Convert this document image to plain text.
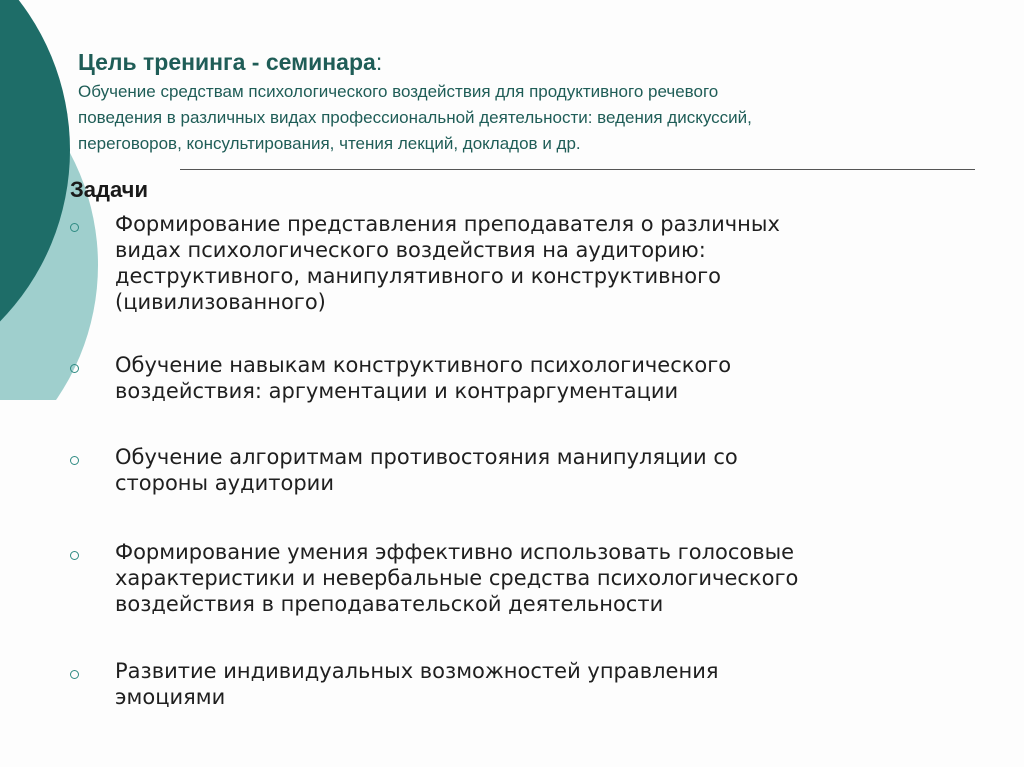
Цель тренинга - семинара:
Обучение средствам психологического воздействия для продуктивного речевого
поведения в различных видах профессиональной деятельности: ведения дискуссий,
переговоров, консультирования, чтения лекций, докладов и др.
Задачи
Формирование представления преподавателя о различных
видах психологического воздействия на аудиторию:
деструктивного, манипулятивного и конструктивного
(цивилизованного)
Обучение навыкам конструктивного психологического
воздействия: аргументации и контраргументации
Обучение алгоритмам противостояния манипуляции со
стороны аудитории
Формирование умения эффективно использовать голосовые
характеристики и невербальные средства психологического
воздействия в преподавательской деятельности
Развитие индивидуальных возможностей управления
эмоциями
